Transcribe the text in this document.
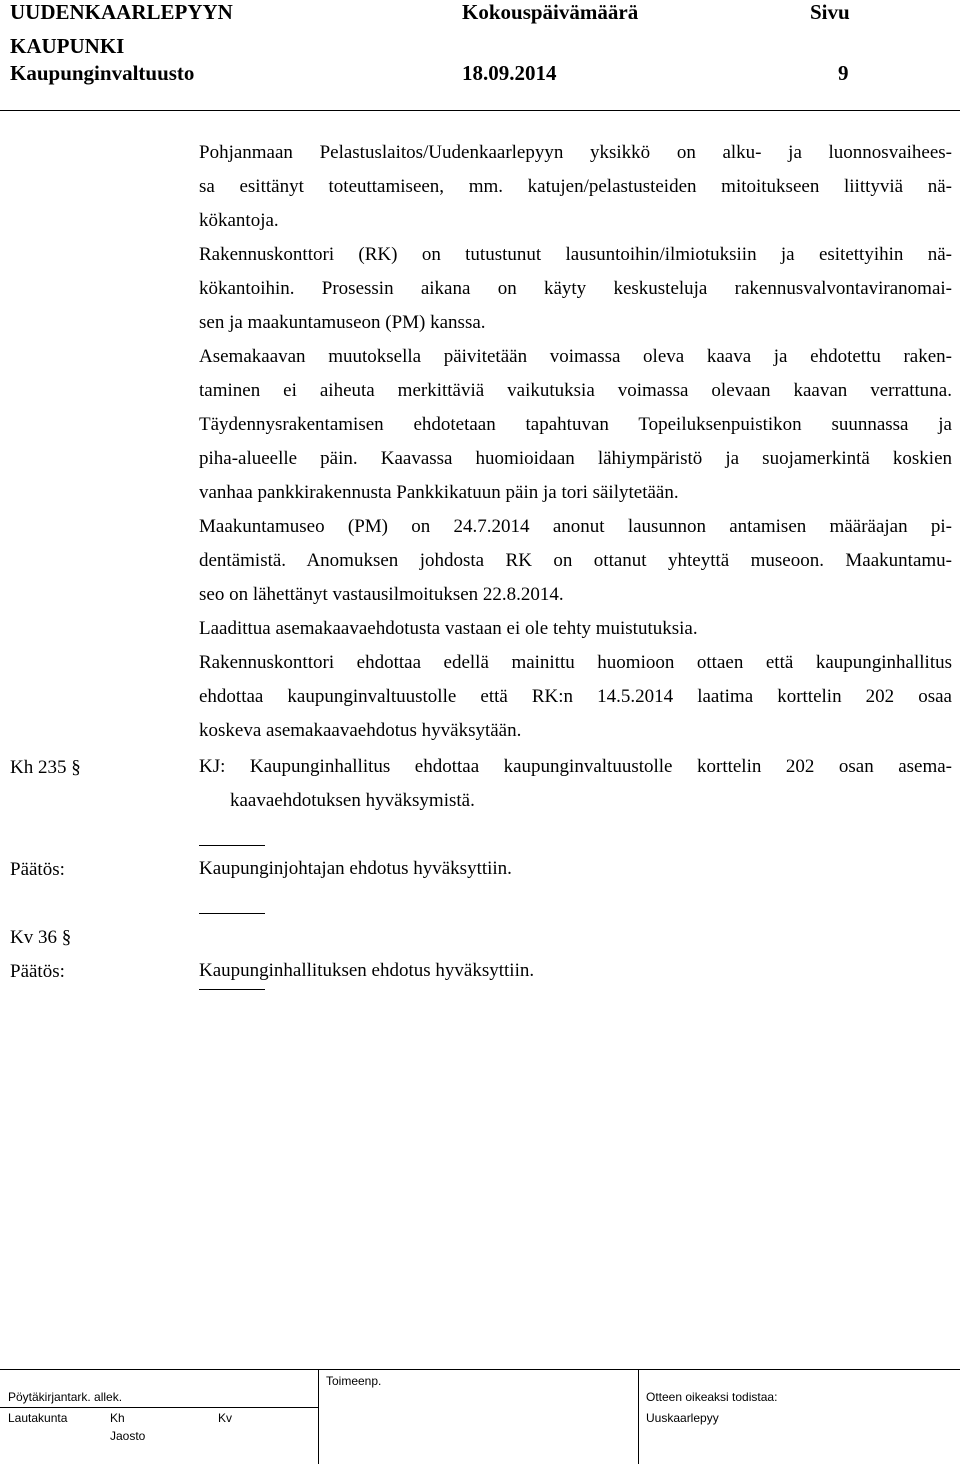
UUDENKAARLEPYYN
KAUPUNKI
Kaupunginvaltuusto
Kokouspäivämäärä
18.09.2014
Sivu
9
Pohjanmaan Pelastuslaitos/Uudenkaarlepyyn yksikkö on alku- ja luonnosvaihees-
sa esittänyt toteuttamiseen, mm. katujen/pelastusteiden mitoitukseen liittyviä nä-
kökantoja.
Rakennuskonttori (RK) on tutustunut lausuntoihin/ilmiotuksiin ja esitettyihin nä-
kökantoihin. Prosessin aikana on käyty keskusteluja rakennusvalvontaviranomai-
sen ja maakuntamuseon (PM) kanssa.
Asemakaavan muutoksella päivitetään voimassa oleva kaava ja ehdotettu raken-
taminen ei aiheuta merkittäviä vaikutuksia voimassa olevaan kaavan verrattuna.
Täydennysrakentamisen ehdotetaan tapahtuvan Topeiluksenpuistikon suunnassa ja
piha-alueelle päin. Kaavassa huomioidaan lähiympäristö ja suojamerkintä koskien
vanhaa pankkirakennusta Pankkikatuun päin ja tori säilytetään.
Maakuntamuseo (PM) on 24.7.2014 anonut lausunnon antamisen määräajan pi-
dentämistä. Anomuksen johdosta RK on ottanut yhteyttä museoon. Maakuntamu-
seo on lähettänyt vastausilmoituksen 22.8.2014.
Laadittua asemakaavaehdotusta vastaan ei ole tehty muistutuksia.
Rakennuskonttori ehdottaa edellä mainittu huomioon ottaen että kaupunginhallitus
ehdottaa kaupunginvaltuustolle että RK:n 14.5.2014 laatima korttelin 202 osaa
koskeva asemakaavaehdotus hyväksytään.
Kh 235 §	KJ: Kaupunginhallitus ehdottaa kaupunginvaltuustolle korttelin 202 osan asema-
kaavaehdotuksen hyväksymistä.
Päätös:	Kaupunginjohtajan ehdotus hyväksyttiin.
Kv 36 §
Päätös:	Kaupunginhallituksen ehdotus hyväksyttiin.
Pöytäkirjantark. allek.
Lautakunta	Kh
Jaosto
Kv
Toimeenp.
Otteen oikeaksi todistaa:
Uuskaarlepyy
